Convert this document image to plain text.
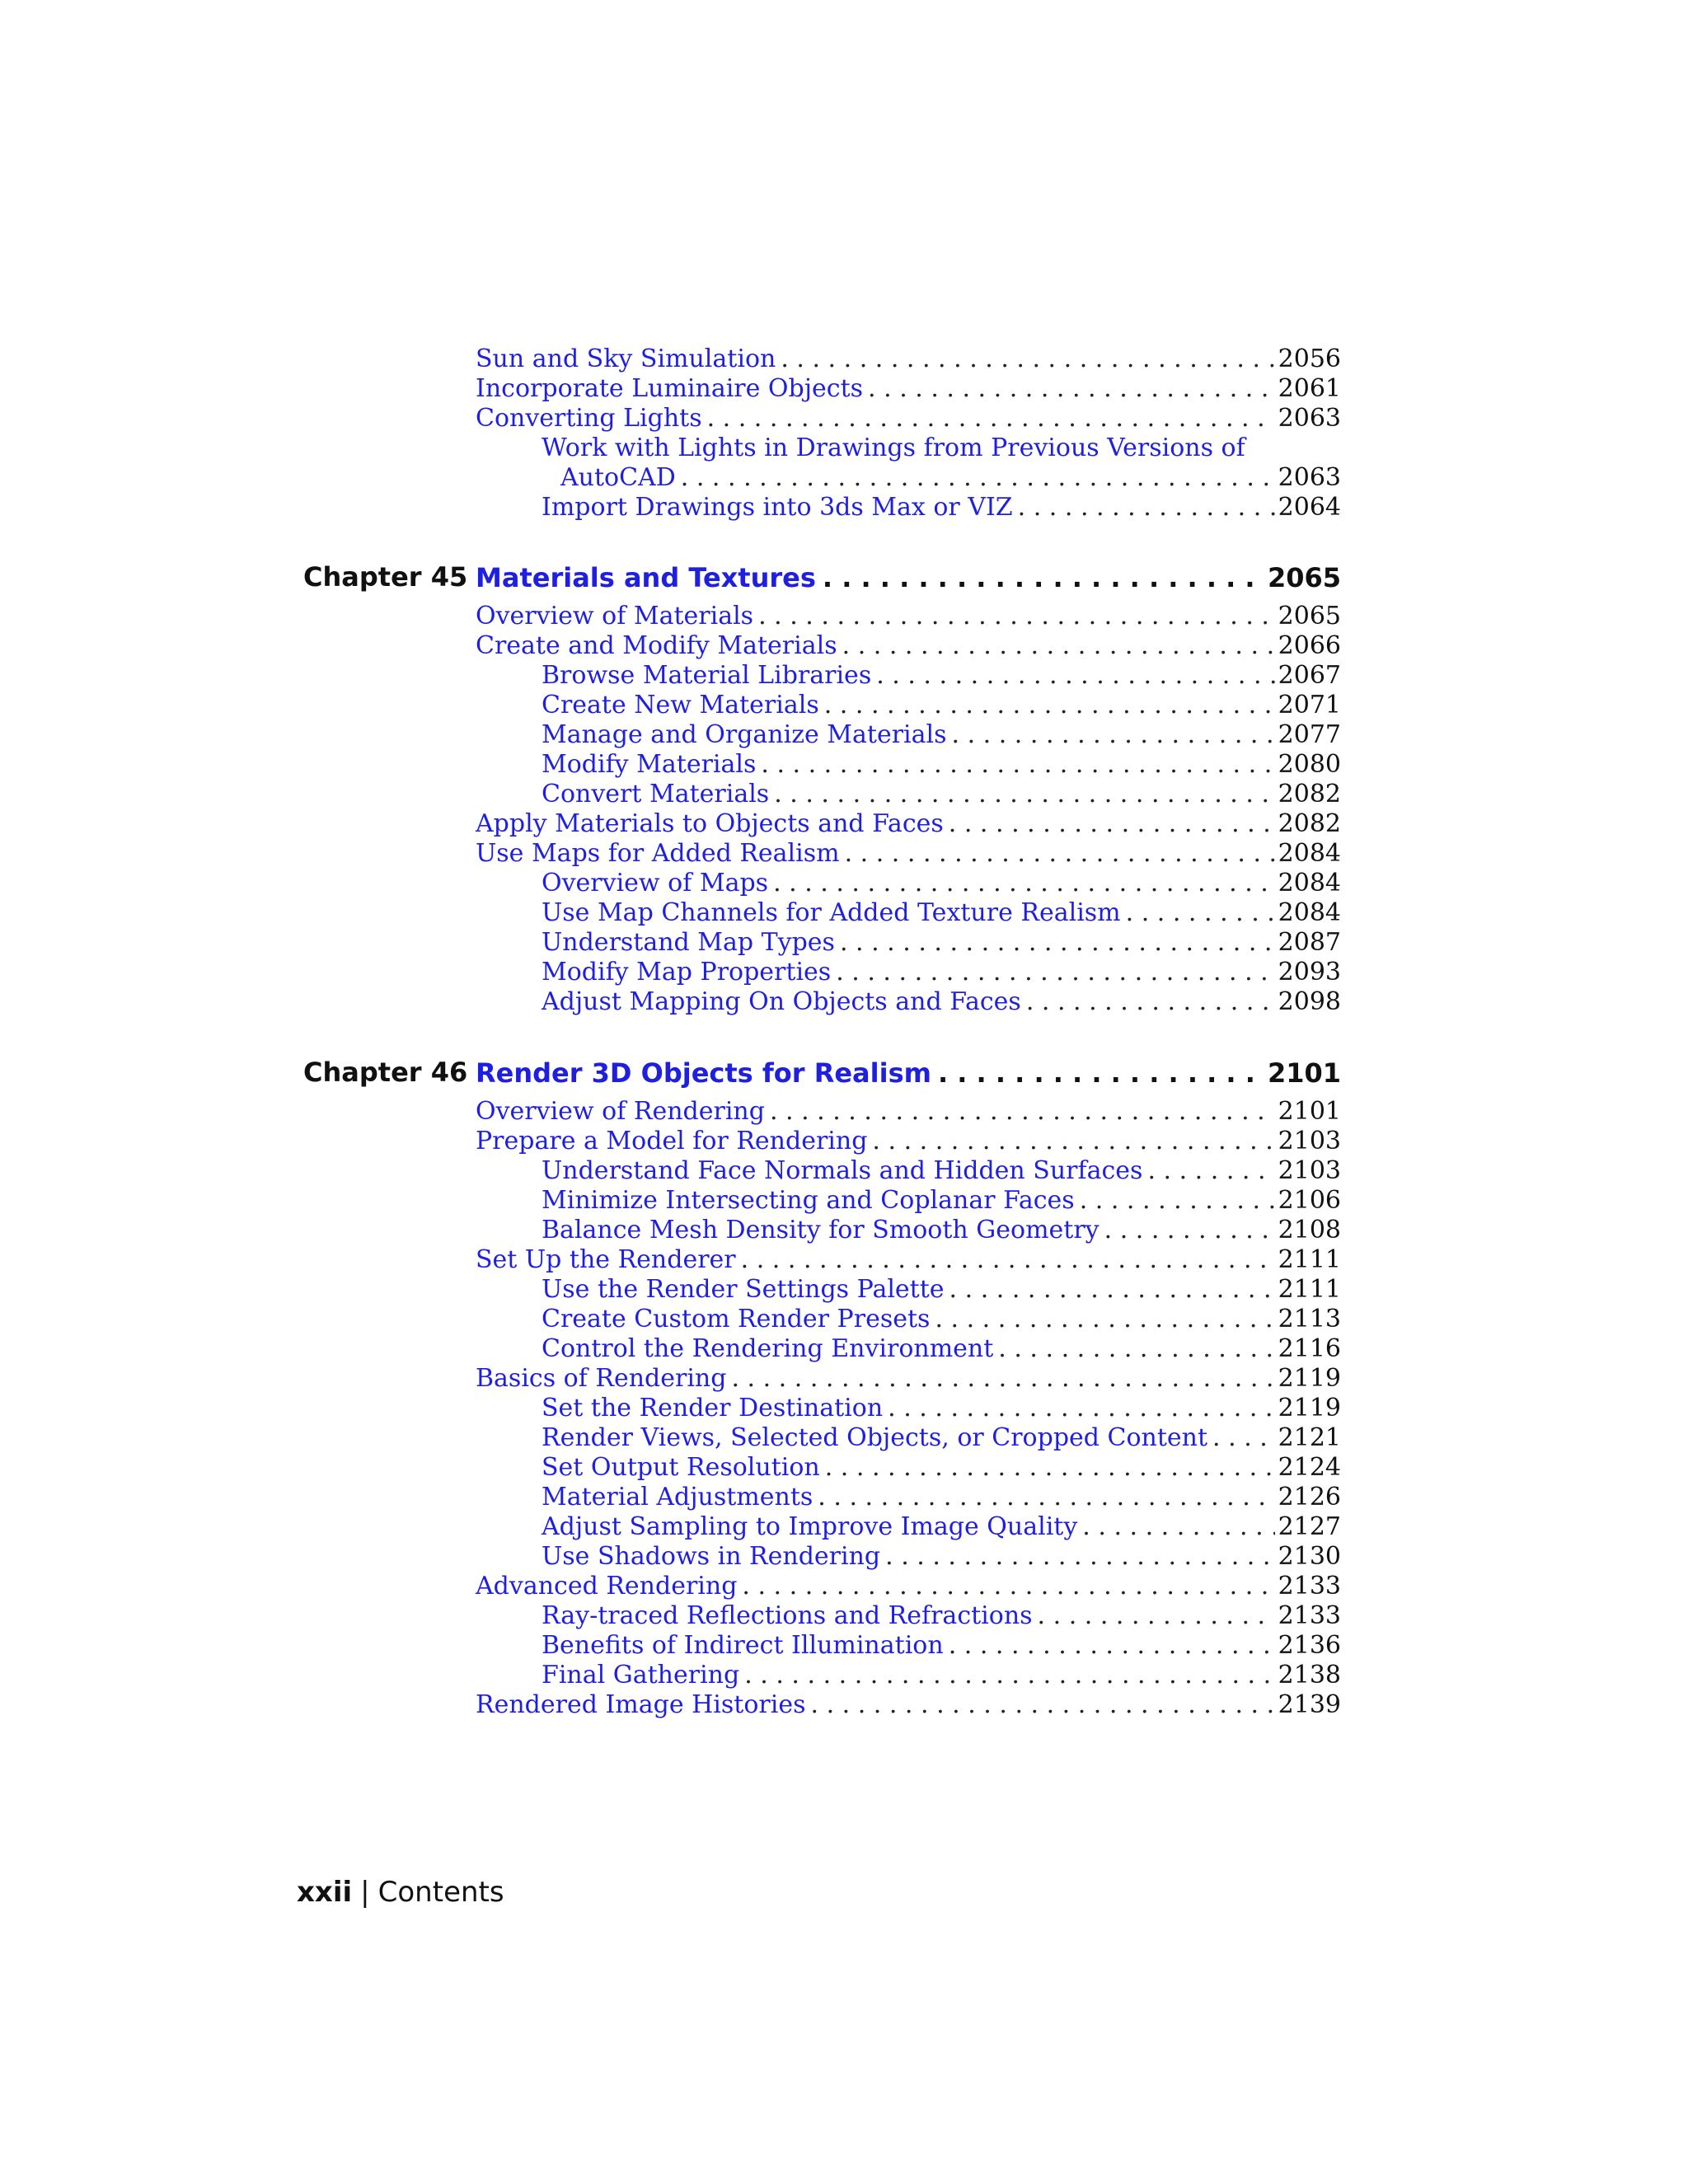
Sun and Sky Simulation . . .	2056
Incorporate Luminaire Objects . . .	2061
Converting Lights . . .	2063
Work with Lights in Drawings from Previous Versions of
AutoCAD . . .	2063
Import Drawings into 3ds Max or VIZ . . .	2064
Chapter 45 Materials and Textures . . .	2065
Overview of Materials . . .	2065
Create and Modify Materials . . .	2066
Browse Material Libraries . . .	2067
Create New Materials . . .	2071
Manage and Organize Materials . . .	2077
Modify Materials . . .	2080
Convert Materials . . .	2082
Apply Materials to Objects and Faces . . .	2082
Use Maps for Added Realism . . .	2084
Overview of Maps . . .	2084
Use Map Channels for Added Texture Realism . . .	2084
Understand Map Types . . .	2087
Modify Map Properties . . .	2093
Adjust Mapping On Objects and Faces . . .	2098
Chapter 46 Render 3D Objects for Realism . . .	2101
Overview of Rendering . . .	2101
Prepare a Model for Rendering . . .	2103
Understand Face Normals and Hidden Surfaces . . .	2103
Minimize Intersecting and Coplanar Faces . . .	2106
Balance Mesh Density for Smooth Geometry . . .	2108
Set Up the Renderer . . .	2111
Use the Render Settings Palette . . .	2111
Create Custom Render Presets . . .	2113
Control the Rendering Environment . . .	2116
Basics of Rendering . . .	2119
Set the Render Destination . . .	2119
Render Views, Selected Objects, or Cropped Content . . .	2121
Set Output Resolution . . .	2124
Material Adjustments . . .	2126
Adjust Sampling to Improve Image Quality . . .	2127
Use Shadows in Rendering . . .	2130
Advanced Rendering . . .	2133
Ray-traced Reflections and Refractions . . .	2133
Benefits of Indirect Illumination . . .	2136
Final Gathering . . .	2138
Rendered Image Histories . . .	2139
xxii | Contents
